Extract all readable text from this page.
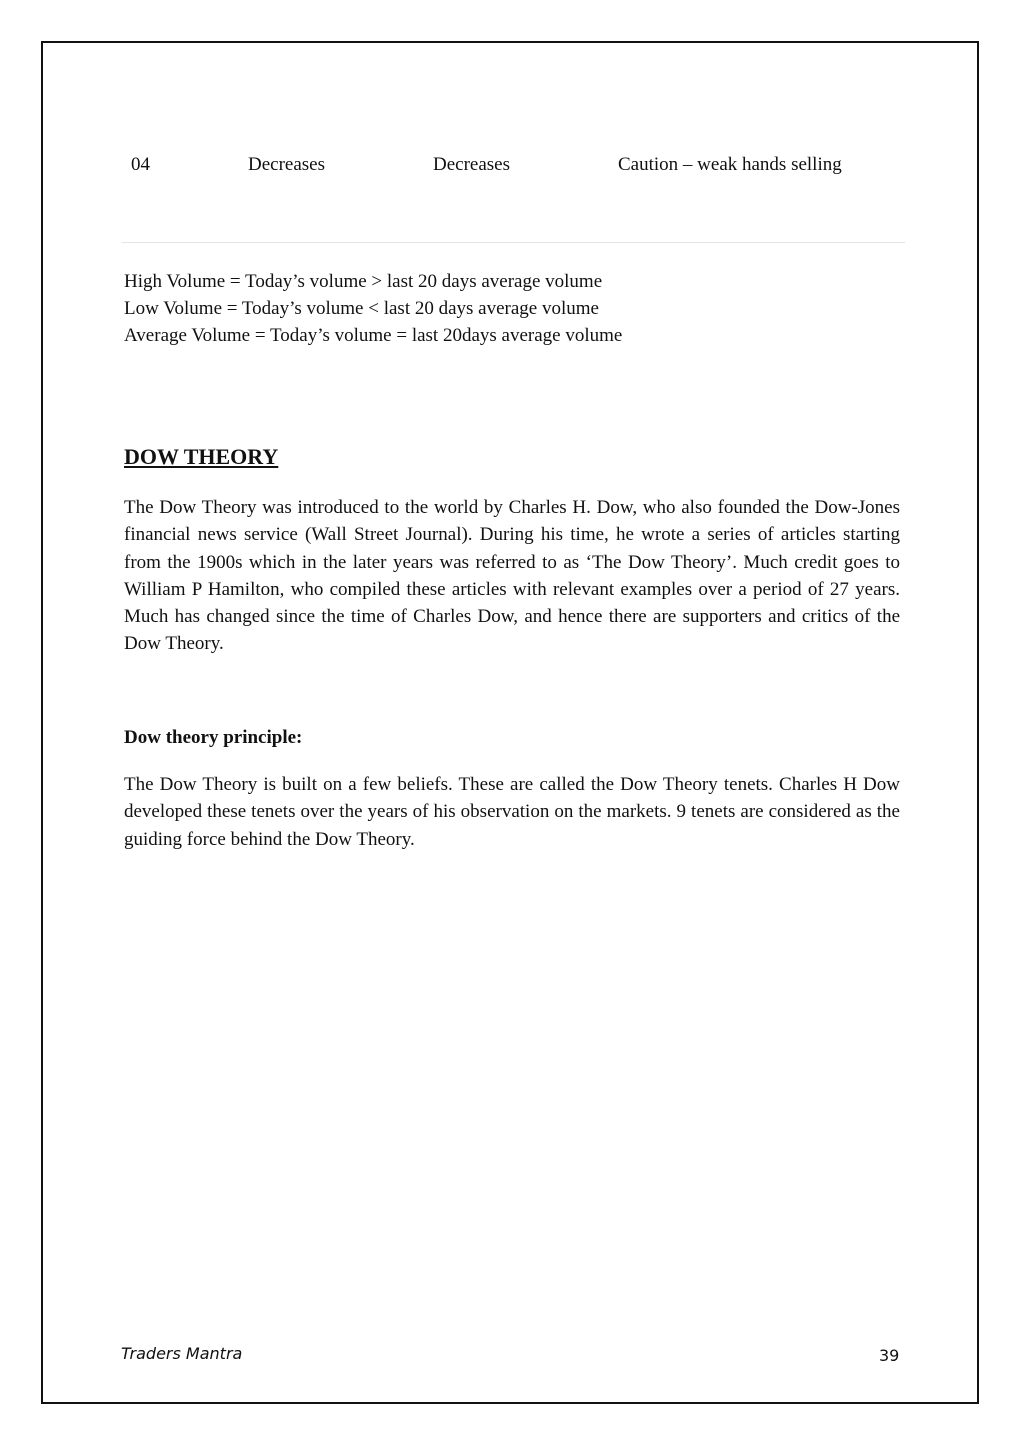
04	Decreases	Decreases	Caution – weak hands selling
High Volume = Today’s volume > last 20 days average volume
Low Volume = Today’s volume < last 20 days average volume
Average Volume = Today’s volume = last 20days average volume
DOW THEORY

The Dow Theory was introduced to the world by Charles H. Dow, who also founded the Dow-Jones financial news service (Wall Street Journal). During his time, he wrote a series of articles starting from the 1900s which in the later years was referred to as ‘The Dow Theory’. Much credit goes to William P Hamilton, who compiled these articles with relevant examples over a period of 27 years. Much has changed since the time of Charles Dow, and hence there are supporters and critics of the Dow Theory.

Dow theory principle:

The Dow Theory is built on a few beliefs. These are called the Dow Theory tenets. Charles H Dow developed these tenets over the years of his observation on the markets. 9 tenets are considered as the guiding force behind the Dow Theory.

Traders Mantra	39
